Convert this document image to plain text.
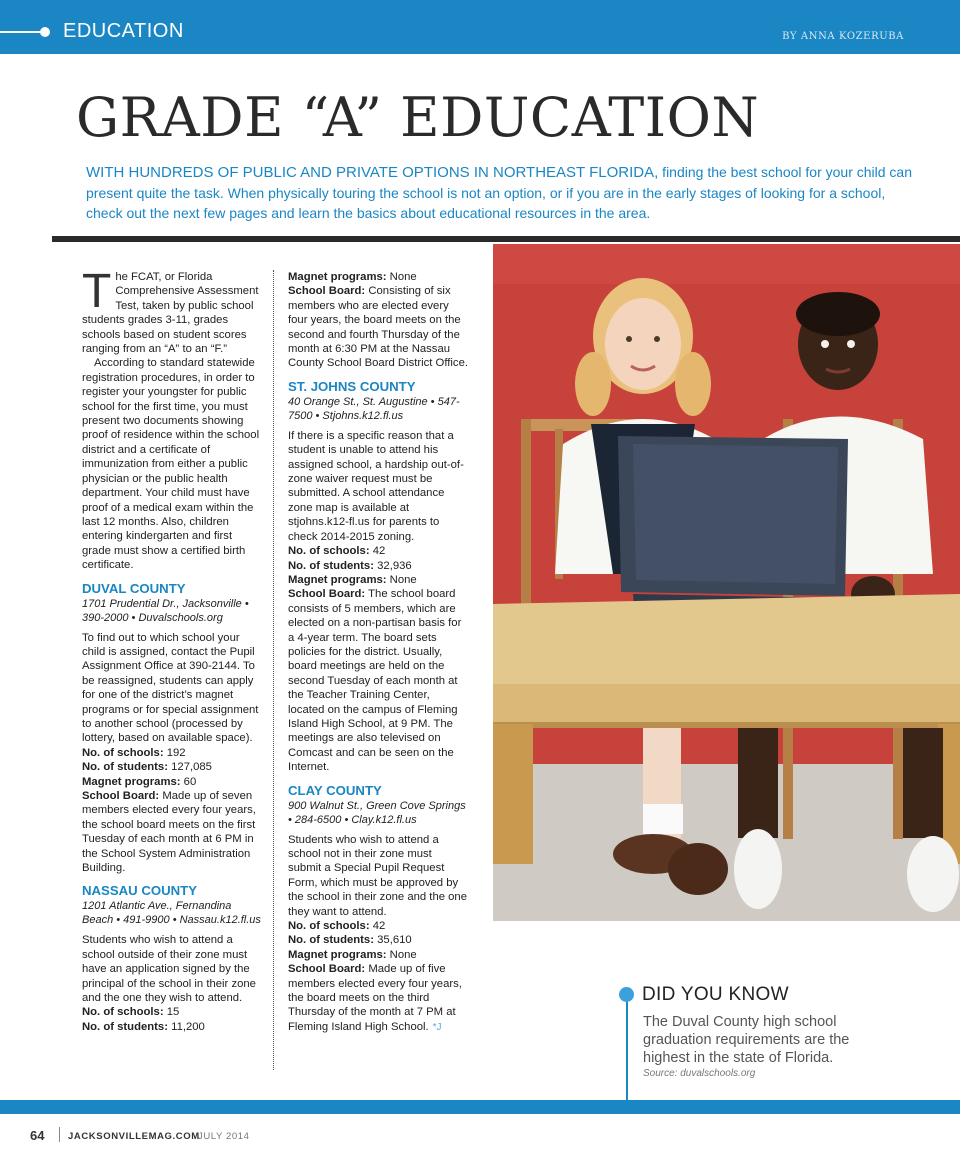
EDUCATION	BY ANNA KOZERUBA
GRADE “A” EDUCATION

WITH HUNDREDS OF PUBLIC AND PRIVATE OPTIONS IN NORTHEAST FLORIDA, finding the best school for your child can present quite the task. When physically touring the school is not an option, or if you are in the early stages of looking for a school, check out the next few pages and learn the basics about educational resources in the area.

The FCAT, or Florida Comprehensive Assessment Test, taken by public school students grades 3-11, grades schools based on student scores ranging from an “A” to an “F.”

According to standard statewide registration procedures, in order to register your youngster for public school for the first time, you must present two documents showing proof of residence within the school district and a certificate of immunization from either a public physician or the public health department. Your child must have proof of a medical exam within the last 12 months. Also, children entering kindergarten and first grade must show a certified birth certificate.

DUVAL COUNTY
1701 Prudential Dr., Jacksonville • 390-2000 • Duvalschools.org

To find out to which school your child is assigned, contact the Pupil Assignment Office at 390-2144. To be reassigned, students can apply for one of the district’s magnet programs or for special assignment to another school (processed by lottery, based on available space).

No. of schools: 192

No. of students: 127,085

Magnet programs: 60

School Board: Made up of seven members elected every four years, the school board meets on the first Tuesday of each month at 6 PM in the School System Administration Building.

NASSAU COUNTY
1201 Atlantic Ave., Fernandina Beach • 491-9900 • Nassau.k12.fl.us

Students who wish to attend a school outside of their zone must have an application signed by the principal of the school in their zone and the one they wish to attend.

No. of schools: 15

No. of students: 11,200

Magnet programs: None

School Board: Consisting of six members who are elected every four years, the board meets on the second and fourth Thursday of the month at 6:30 PM at the Nassau County School Board District Office.

ST. JOHNS COUNTY
40 Orange St., St. Augustine • 547-7500 • Stjohns.k12.fl.us

If there is a specific reason that a student is unable to attend his assigned school, a hardship out-of-zone waiver request must be submitted. A school attendance zone map is available at stjohns.k12-fl.us for parents to check 2014-2015 zoning.

No. of schools: 42

No. of students: 32,936

Magnet programs: None

School Board: The school board consists of 5 members, which are elected on a non-partisan basis for a 4-year term. The board sets policies for the district. Usually, board meetings are held on the second Tuesday of each month at the Teacher Training Center, located on the campus of Fleming Island High School, at 9 PM. The meetings are also televised on Comcast and can be seen on the Internet.

CLAY COUNTY
900 Walnut St., Green Cove Springs • 284-6500 • Clay.k12.fl.us

Students who wish to attend a school not in their zone must submit a Special Pupil Request Form, which must be approved by the school in their zone and the one they want to attend.

No. of schools: 42

No. of students: 35,610

Magnet programs: None

School Board: Made up of five members elected every four years, the board meets on the third Thursday of the month at 7 PM at Fleming Island High School. *J

DID YOU KNOW
The Duval County high school graduation requirements are the highest in the state of Florida.
Source: duvalschools.org
64 JACKSONVILLEMAG.COM
JULY 2014
